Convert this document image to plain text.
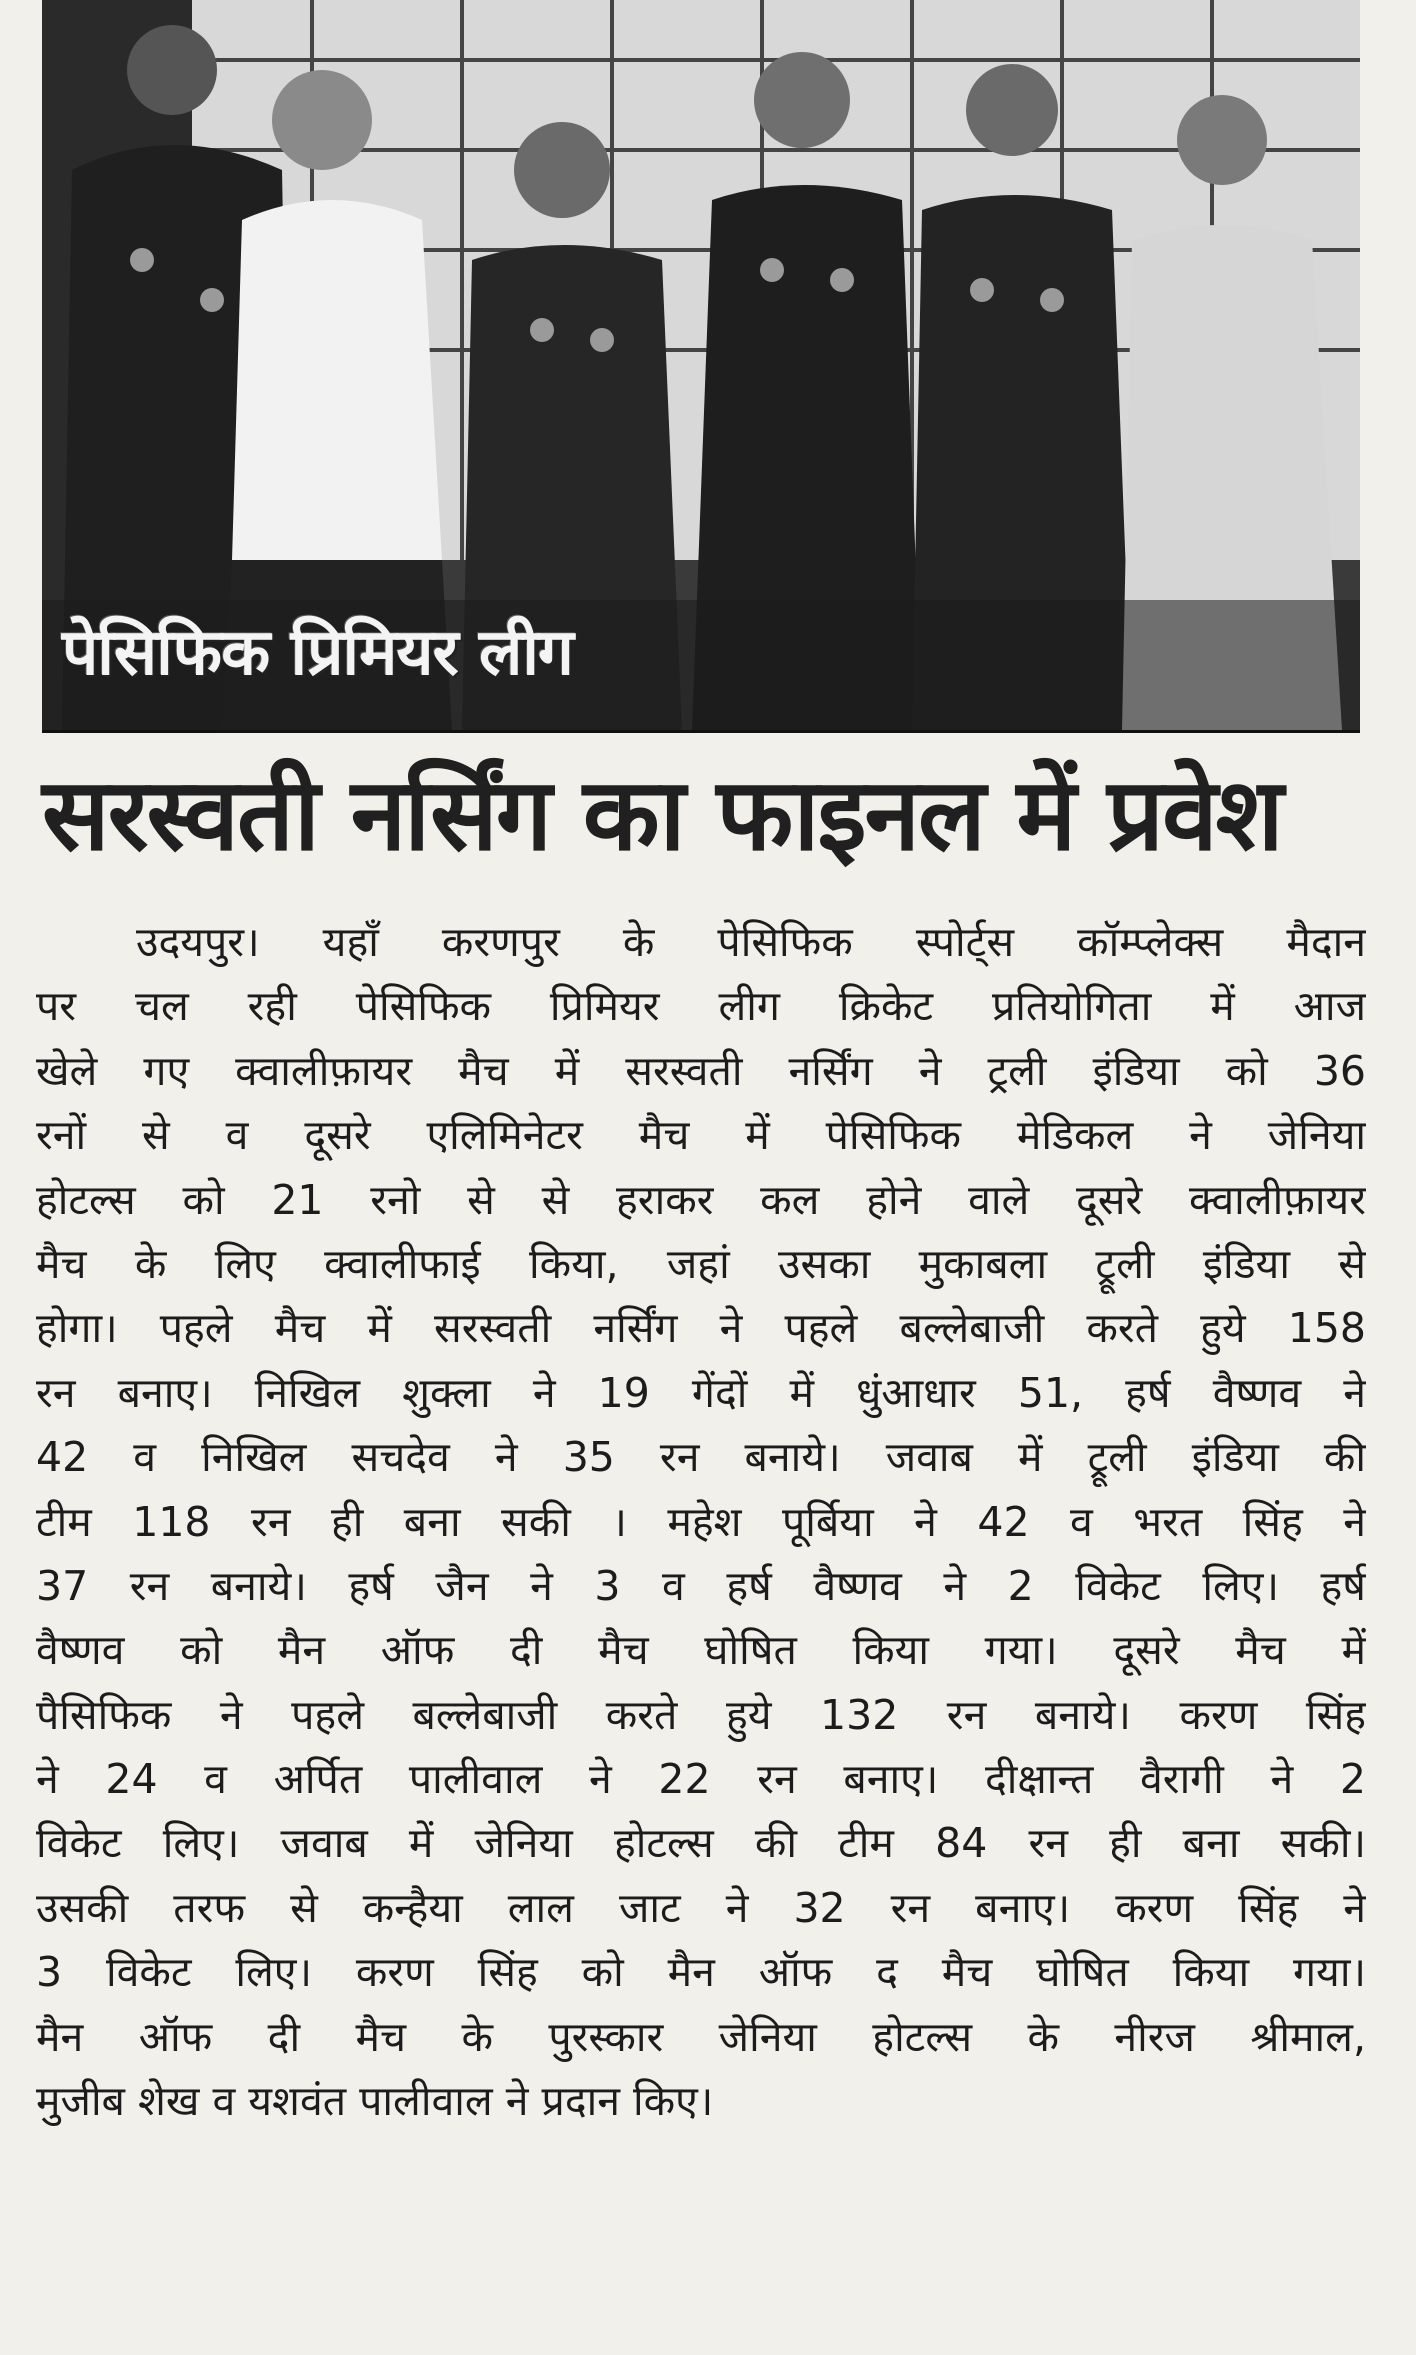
पेसिफिक प्रिमियर लीग
सरस्वती नर्सिंग का फाइनल में प्रवेश
उदयपुर। यहाँ करणपुर के पेसिफिक स्पोर्ट्स कॉम्प्लेक्स मैदान
पर चल रही पेसिफिक प्रिमियर लीग क्रिकेट प्रतियोगिता में आज
खेले गए क्वालीफ़ायर मैच में सरस्वती नर्सिंग ने ट्रली इंडिया को 36
रनों से व दूसरे एलिमिनेटर मैच में पेसिफिक मेडिकल ने जेनिया
होटल्स को 21 रनो से से हराकर कल होने वाले दूसरे क्वालीफ़ायर
मैच के लिए क्वालीफाई किया, जहां उसका मुकाबला ट्रूली इंडिया से
होगा। पहले मैच में सरस्वती नर्सिंग ने पहले बल्लेबाजी करते हुये 158
रन बनाए। निखिल शुक्ला ने 19 गेंदों में धुंआधार 51, हर्ष वैष्णव ने
42 व निखिल सचदेव ने 35 रन बनाये। जवाब में ट्रूली इंडिया की
टीम 118 रन ही बना सकी । महेश पूर्बिया ने 42 व भरत सिंह ने
37 रन बनाये। हर्ष जैन ने 3 व हर्ष वैष्णव ने 2 विकेट लिए। हर्ष
वैष्णव को मैन ऑफ दी मैच घोषित किया गया। दूसरे मैच में
पैसिफिक ने पहले बल्लेबाजी करते हुये 132 रन बनाये। करण सिंह
ने 24 व अर्पित पालीवाल ने 22 रन बनाए। दीक्षान्त वैरागी ने 2
विकेट लिए। जवाब में जेनिया होटल्स की टीम 84 रन ही बना सकी।
उसकी तरफ से कन्हैया लाल जाट ने 32 रन बनाए। करण सिंह ने
3 विकेट लिए। करण सिंह को मैन ऑफ द मैच घोषित किया गया।
मैन ऑफ दी मैच के पुरस्कार जेनिया होटल्स के नीरज श्रीमाल,
मुजीब शेख व यशवंत पालीवाल ने प्रदान किए।
